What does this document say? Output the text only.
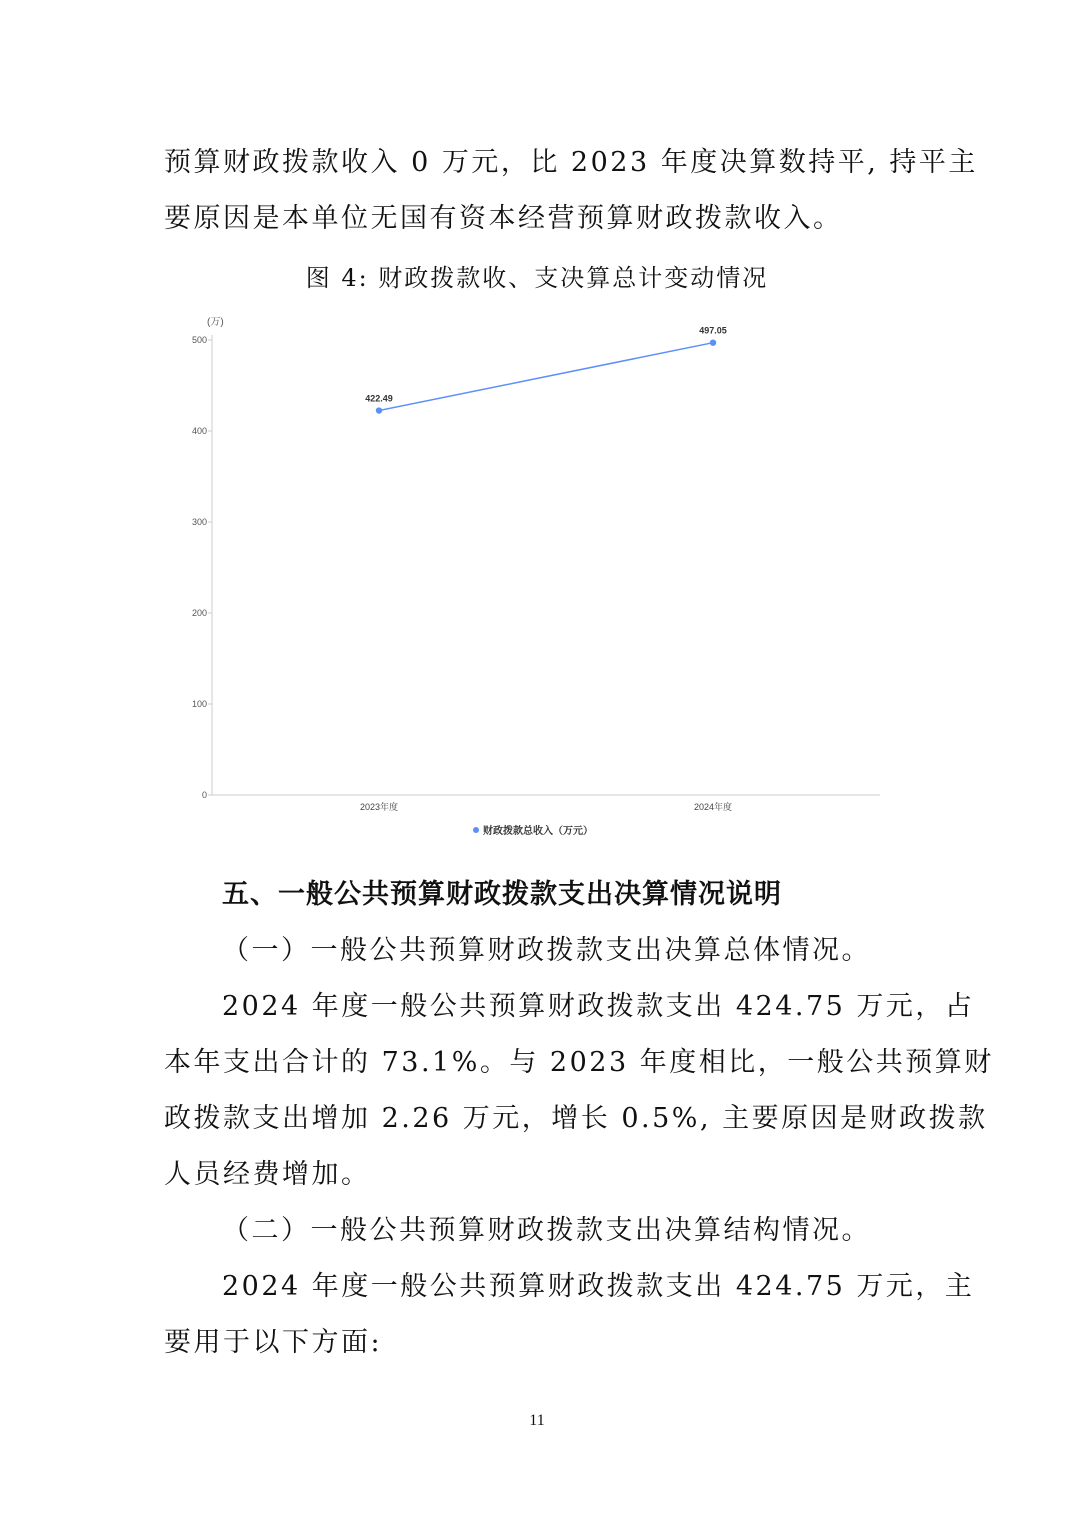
预算财政拨款收入 0 万元，比 2023 年度决算数持平, 持平主
要原因是本单位无国有资本经营预算财政拨款收入。
图 4: 财政拨款收、支决算总计变动情况
(万)
0
100
200
300
400
500
2023年度	2024年度
422.49
497.05
财政拨款总收入（万元）
五、一般公共预算财政拨款支出决算情况说明
（一）一般公共预算财政拨款支出决算总体情况。
2024 年度一般公共预算财政拨款支出 424.75 万元，占
本年支出合计的 73.1%。与 2023 年度相比，一般公共预算财
政拨款支出增加 2.26 万元，增长 0.5%, 主要原因是财政拨款
人员经费增加。
（二）一般公共预算财政拨款支出决算结构情况。
2024 年度一般公共预算财政拨款支出 424.75 万元，主
要用于以下方面:
11
